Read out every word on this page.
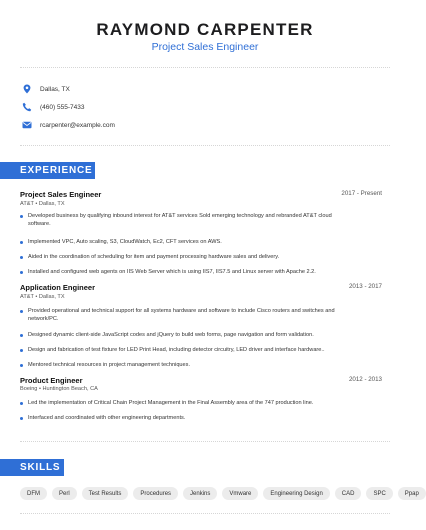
RAYMOND CARPENTER
Project Sales Engineer
Dallas, TX
(460) 555-7433
rcarpenter@example.com
EXPERIENCE
Project Sales Engineer	2017 - Present
AT&T • Dallas, TX
Developed business by qualifying inbound interest for AT&T services Sold emerging technology and rebranded AT&T cloud software.
Implemented VPC, Auto scaling, S3, CloudWatch, Ec2, CFT services on AWS.
Aided in the coordination of scheduling for item and payment processing hardware sales and delivery.
Installed and configured web agents on IIS Web Server which is using IIS7, IIS7.5 and Linux server with Apache 2.2.
Application Engineer	2013 - 2017
AT&T • Dallas, TX
Provided operational and technical support for all systems hardware and software to include Cisco routers and switches and network/PC.
Designed dynamic client-side JavaScript codes and jQuery to build web forms, page navigation and form validation.
Design and fabrication of test fixture for LED Print Head, including detector circuitry, LED driver and interface hardware..
Mentored technical resources in project management techniques.
Product Engineer	2012 - 2013
Boeing • Huntington Beach, CA
Led the implementation of Critical Chain Project Management in the Final Assembly area of the 747 production line.
Interfaced and coordinated with other engineering departments.
SKILLS
DFM	Perl	Test Results	Procedures	Jenkins	Vmware	Engineering Design	CAD	SPC	Ppap
